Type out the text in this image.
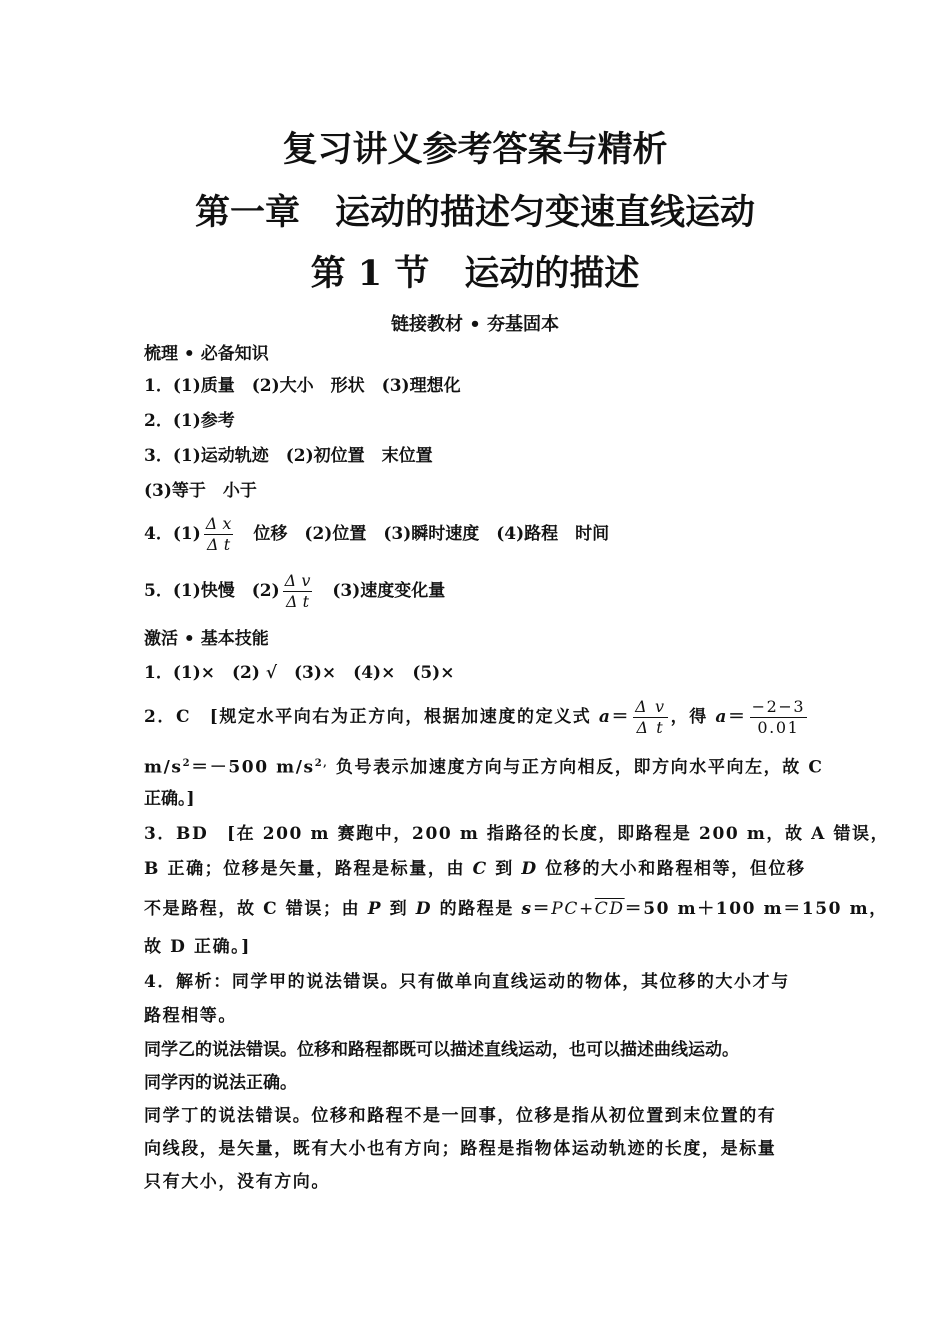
复习讲义参考答案与精析
第一章　运动的描述匀变速直线运动
第 1 节　运动的描述
链接教材 • 夯基固本
梳理 • 必备知识
1．(1)质量　(2)大小　形状　(3)理想化
2．(1)参考
3．(1)运动轨迹　(2)初位置　末位置
(3)等于　小于
4．$(1) \frac{\text{Δ x}}{\text{Δ t}}$ 　位移　(2)位置　(3)瞬时速度　(4)路程　时间
5．(1)快慢　$(2) \frac{\text{Δ v}}{\text{Δ t}}$ 　(3)速度变化量
激活 • 基本技能
1．(1)×　(2) √　(3)×　(4)×　(5)×
2．C　[规定水平向右为正方向，根据加速度的定义式 $a= \frac{\text{Δ v}}{\text{Δ t}}$ ，得 $a= \frac{-2-3}{0.01}$
$m/s^2=-500$ $m/s^{2,}$ 负号表示加速度方向与正方向相反，即方向水平向左，故 C
正确。]
3．BD　[在 200 m 赛跑中，200 m 指路径的长度，即路程是 200 m，故 A 错误，
B 正确；位移是矢量，路程是标量，由 C 到 D 位移的大小和路程相等，但位移
不是路程，故 C 错误；由 P 到 D 的路程是 $s=PC+\overline{CD}=50$ m＋100 m＝150 m，
故 D 正确。]
4．解析：同学甲的说法错误。只有做单向直线运动的物体，其位移的大小才与
路程相等。
同学乙的说法错误。位移和路程都既可以描述直线运动，也可以描述曲线运动。
同学丙的说法正确。
同学丁的说法错误。位移和路程不是一回事，位移是指从初位置到末位置的有
向线段，是矢量，既有大小也有方向；路程是指物体运动轨迹的长度，是标量
只有大小，没有方向。
